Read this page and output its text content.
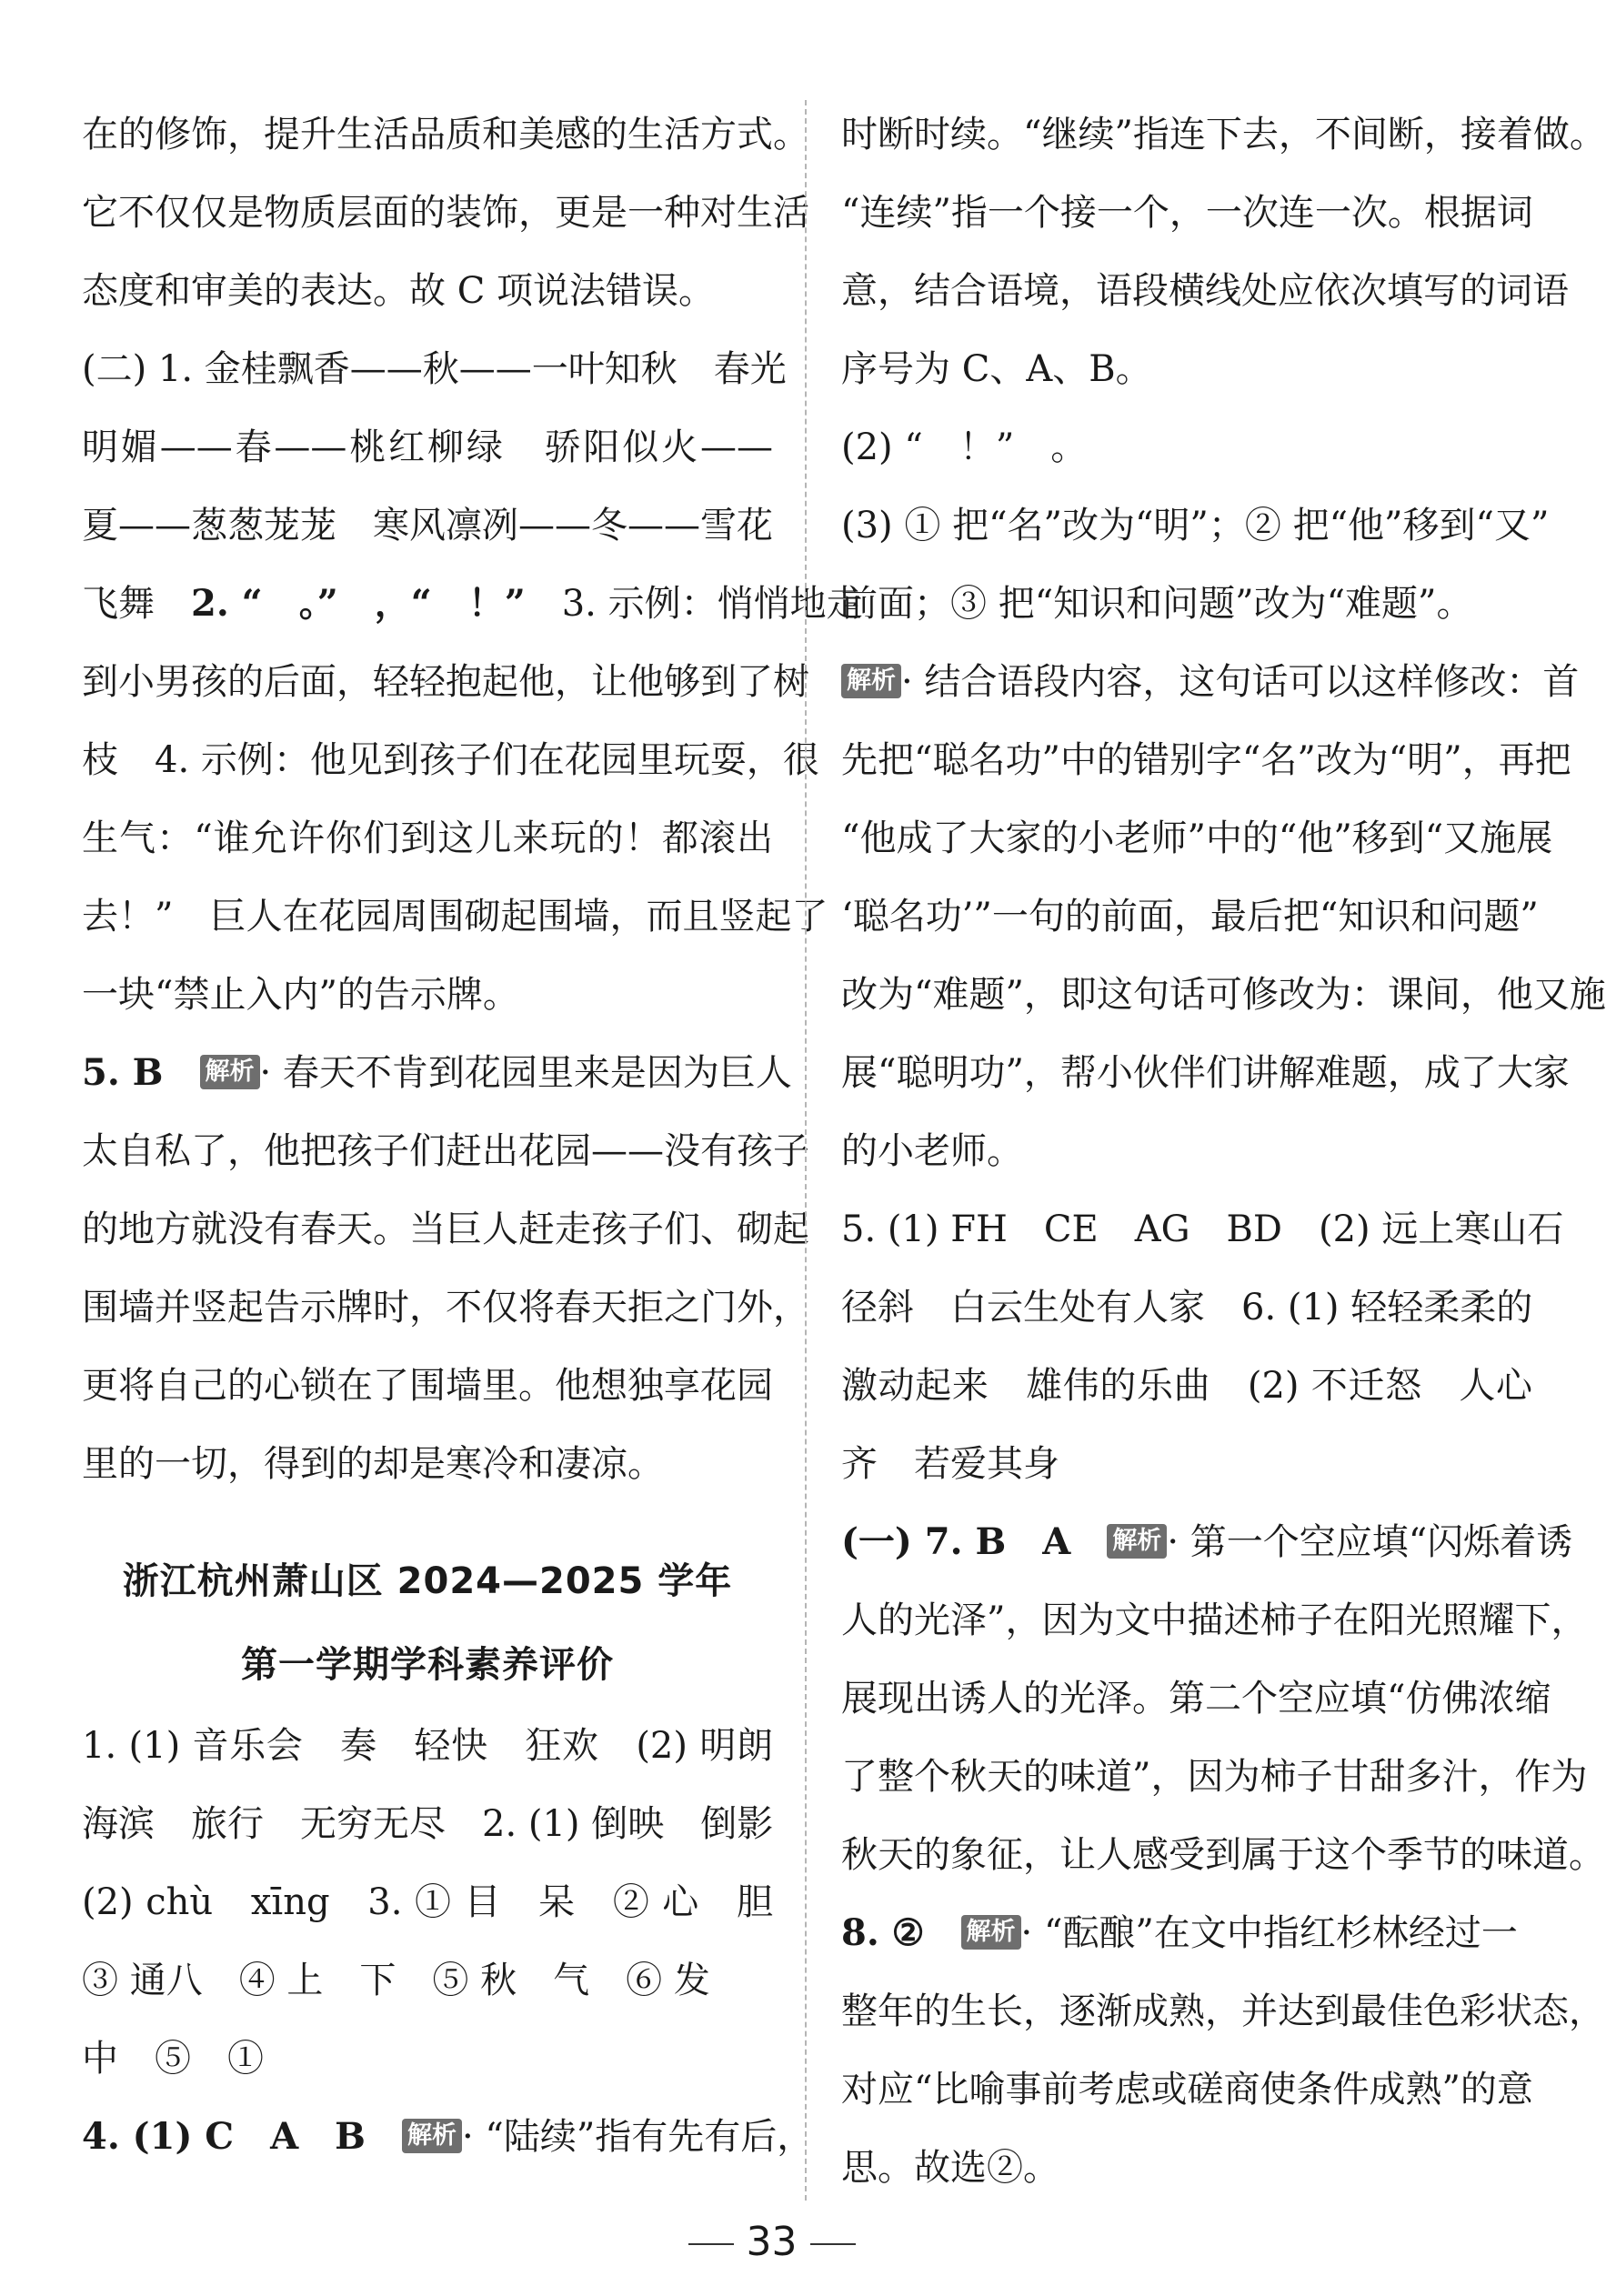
在的修饰，提升生活品质和美感的生活方式。
它不仅仅是物质层面的装饰，更是一种对生活
态度和审美的表达。故 C 项说法错误。
(二) 1. 金桂飘香——秋——一叶知秋　春光
明媚——春——桃红柳绿　骄阳似火——
夏——葱葱茏茏　寒风凛冽——冬——雪花
飞舞　2. “　。”　，“　！”　3. 示例：悄悄地走
到小男孩的后面，轻轻抱起他，让他够到了树
枝　4. 示例：他见到孩子们在花园里玩耍，很
生气：“谁允许你们到这儿来玩的！都滚出
去！”　巨人在花园周围砌起围墙，而且竖起了
一块“禁止入内”的告示牌。
5. B　解析 · 春天不肯到花园里来是因为巨人
太自私了，他把孩子们赶出花园——没有孩子
的地方就没有春天。当巨人赶走孩子们、砌起
围墙并竖起告示牌时，不仅将春天拒之门外，
更将自己的心锁在了围墙里。他想独享花园
里的一切，得到的却是寒冷和凄凉。
浙江杭州萧山区 2024—2025 学年
第一学期学科素养评价
1. (1) 音乐会　奏　轻快　狂欢　(2) 明朗
海滨　旅行　无穷无尽　2. (1) 倒映　倒影
(2) chù　xīng　3. ① 目　呆　② 心　胆
③ 通八　④ 上　下　⑤ 秋　气　⑥ 发
中　⑤　①
4. (1) C　A　B　解析 · “陆续”指有先有后，
时断时续。“继续”指连下去，不间断，接着做。
“连续”指一个接一个，一次连一次。根据词
意，结合语境，语段横线处应依次填写的词语
序号为 C、A、B。
(2) “　！”　。
(3) ① 把“名”改为“明”；② 把“他”移到“又”
前面；③ 把“知识和问题”改为“难题”。
解析 · 结合语段内容，这句话可以这样修改：首
先把“聪名功”中的错别字“名”改为“明”，再把
“他成了大家的小老师”中的“他”移到“又施展
‘聪名功’”一句的前面，最后把“知识和问题”
改为“难题”，即这句话可修改为：课间，他又施
展“聪明功”，帮小伙伴们讲解难题，成了大家
的小老师。
5. (1) FH　CE　AG　BD　(2) 远上寒山石
径斜　白云生处有人家　6. (1) 轻轻柔柔的
激动起来　雄伟的乐曲　(2) 不迁怒　人心
齐　若爱其身
(一) 7. B　A　解析 · 第一个空应填“闪烁着诱
人的光泽”，因为文中描述柿子在阳光照耀下，
展现出诱人的光泽。第二个空应填“仿佛浓缩
了整个秋天的味道”，因为柿子甘甜多汁，作为
秋天的象征，让人感受到属于这个季节的味道。
8. ②　解析 · “酝酿”在文中指红杉林经过一
整年的生长，逐渐成熟，并达到最佳色彩状态，
对应“比喻事前考虑或磋商使条件成熟”的意
思。故选②。
33
